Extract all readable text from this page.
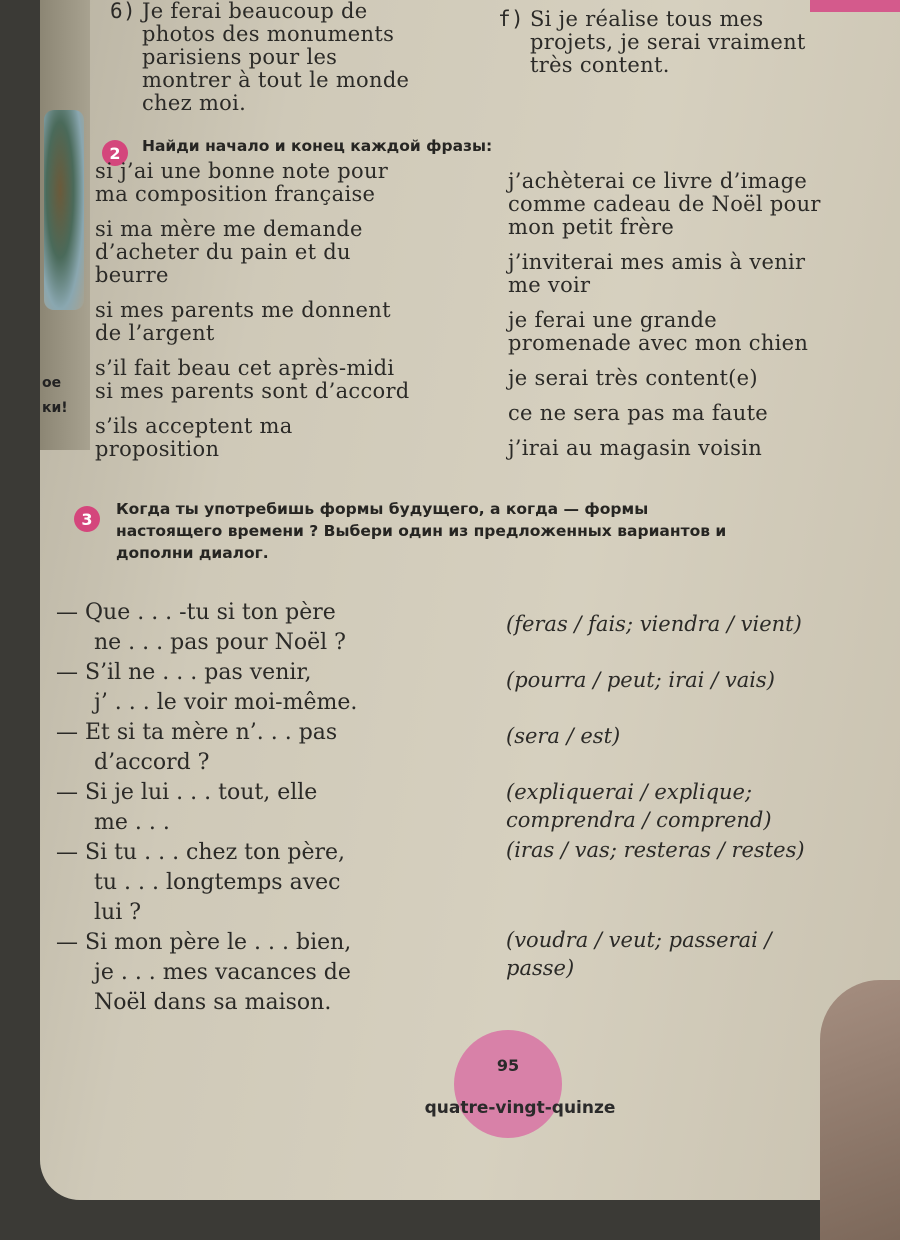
oe
ки!
6) Je ferai beaucoup de
photos des monuments
parisiens pour les
montrer à tout le monde
chez moi.
f) Si je réalise tous mes
projets, je serai vraiment
très content.
2	Найди начало и конец каждой фразы:
si j’ai une bonne note pour
ma composition française
si ma mère me demande
d’acheter du pain et du
beurre
si mes parents me donnent
de l’argent
s’il fait beau cet après-midi
si mes parents sont d’accord
s’ils acceptent ma
proposition
j’achèterai ce livre d’image
comme cadeau de Noël pour
mon petit frère
j’inviterai mes amis à venir
me voir
je ferai une grande
promenade avec mon chien
je serai très content(e)
ce ne sera pas ma faute
j’irai au magasin voisin
3
Когда ты употребишь формы будущего, а когда — формы
настоящего времени ? Выбери один из предложенных вариантов и
дополни диалог.
— Que . . . -tu si ton père
ne . . . pas pour Noël ?
— S’il ne . . . pas venir,
j’ . . . le voir moi-même.
— Et si ta mère n’. . . pas
d’accord ?
— Si je lui . . . tout, elle
me . . .
— Si tu . . . chez ton père,
tu . . . longtemps avec
lui ?
— Si mon père le . . . bien,
je . . . mes vacances de
Noël dans sa maison.
(feras / fais; viendra / vient)
(pourra / peut; irai / vais)
(sera / est)
(expliquerai / explique;
comprendra / comprend)
(iras / vas; resteras / restes)
(voudra / veut; passerai /
passe)
95
quatre-vingt-quinze
